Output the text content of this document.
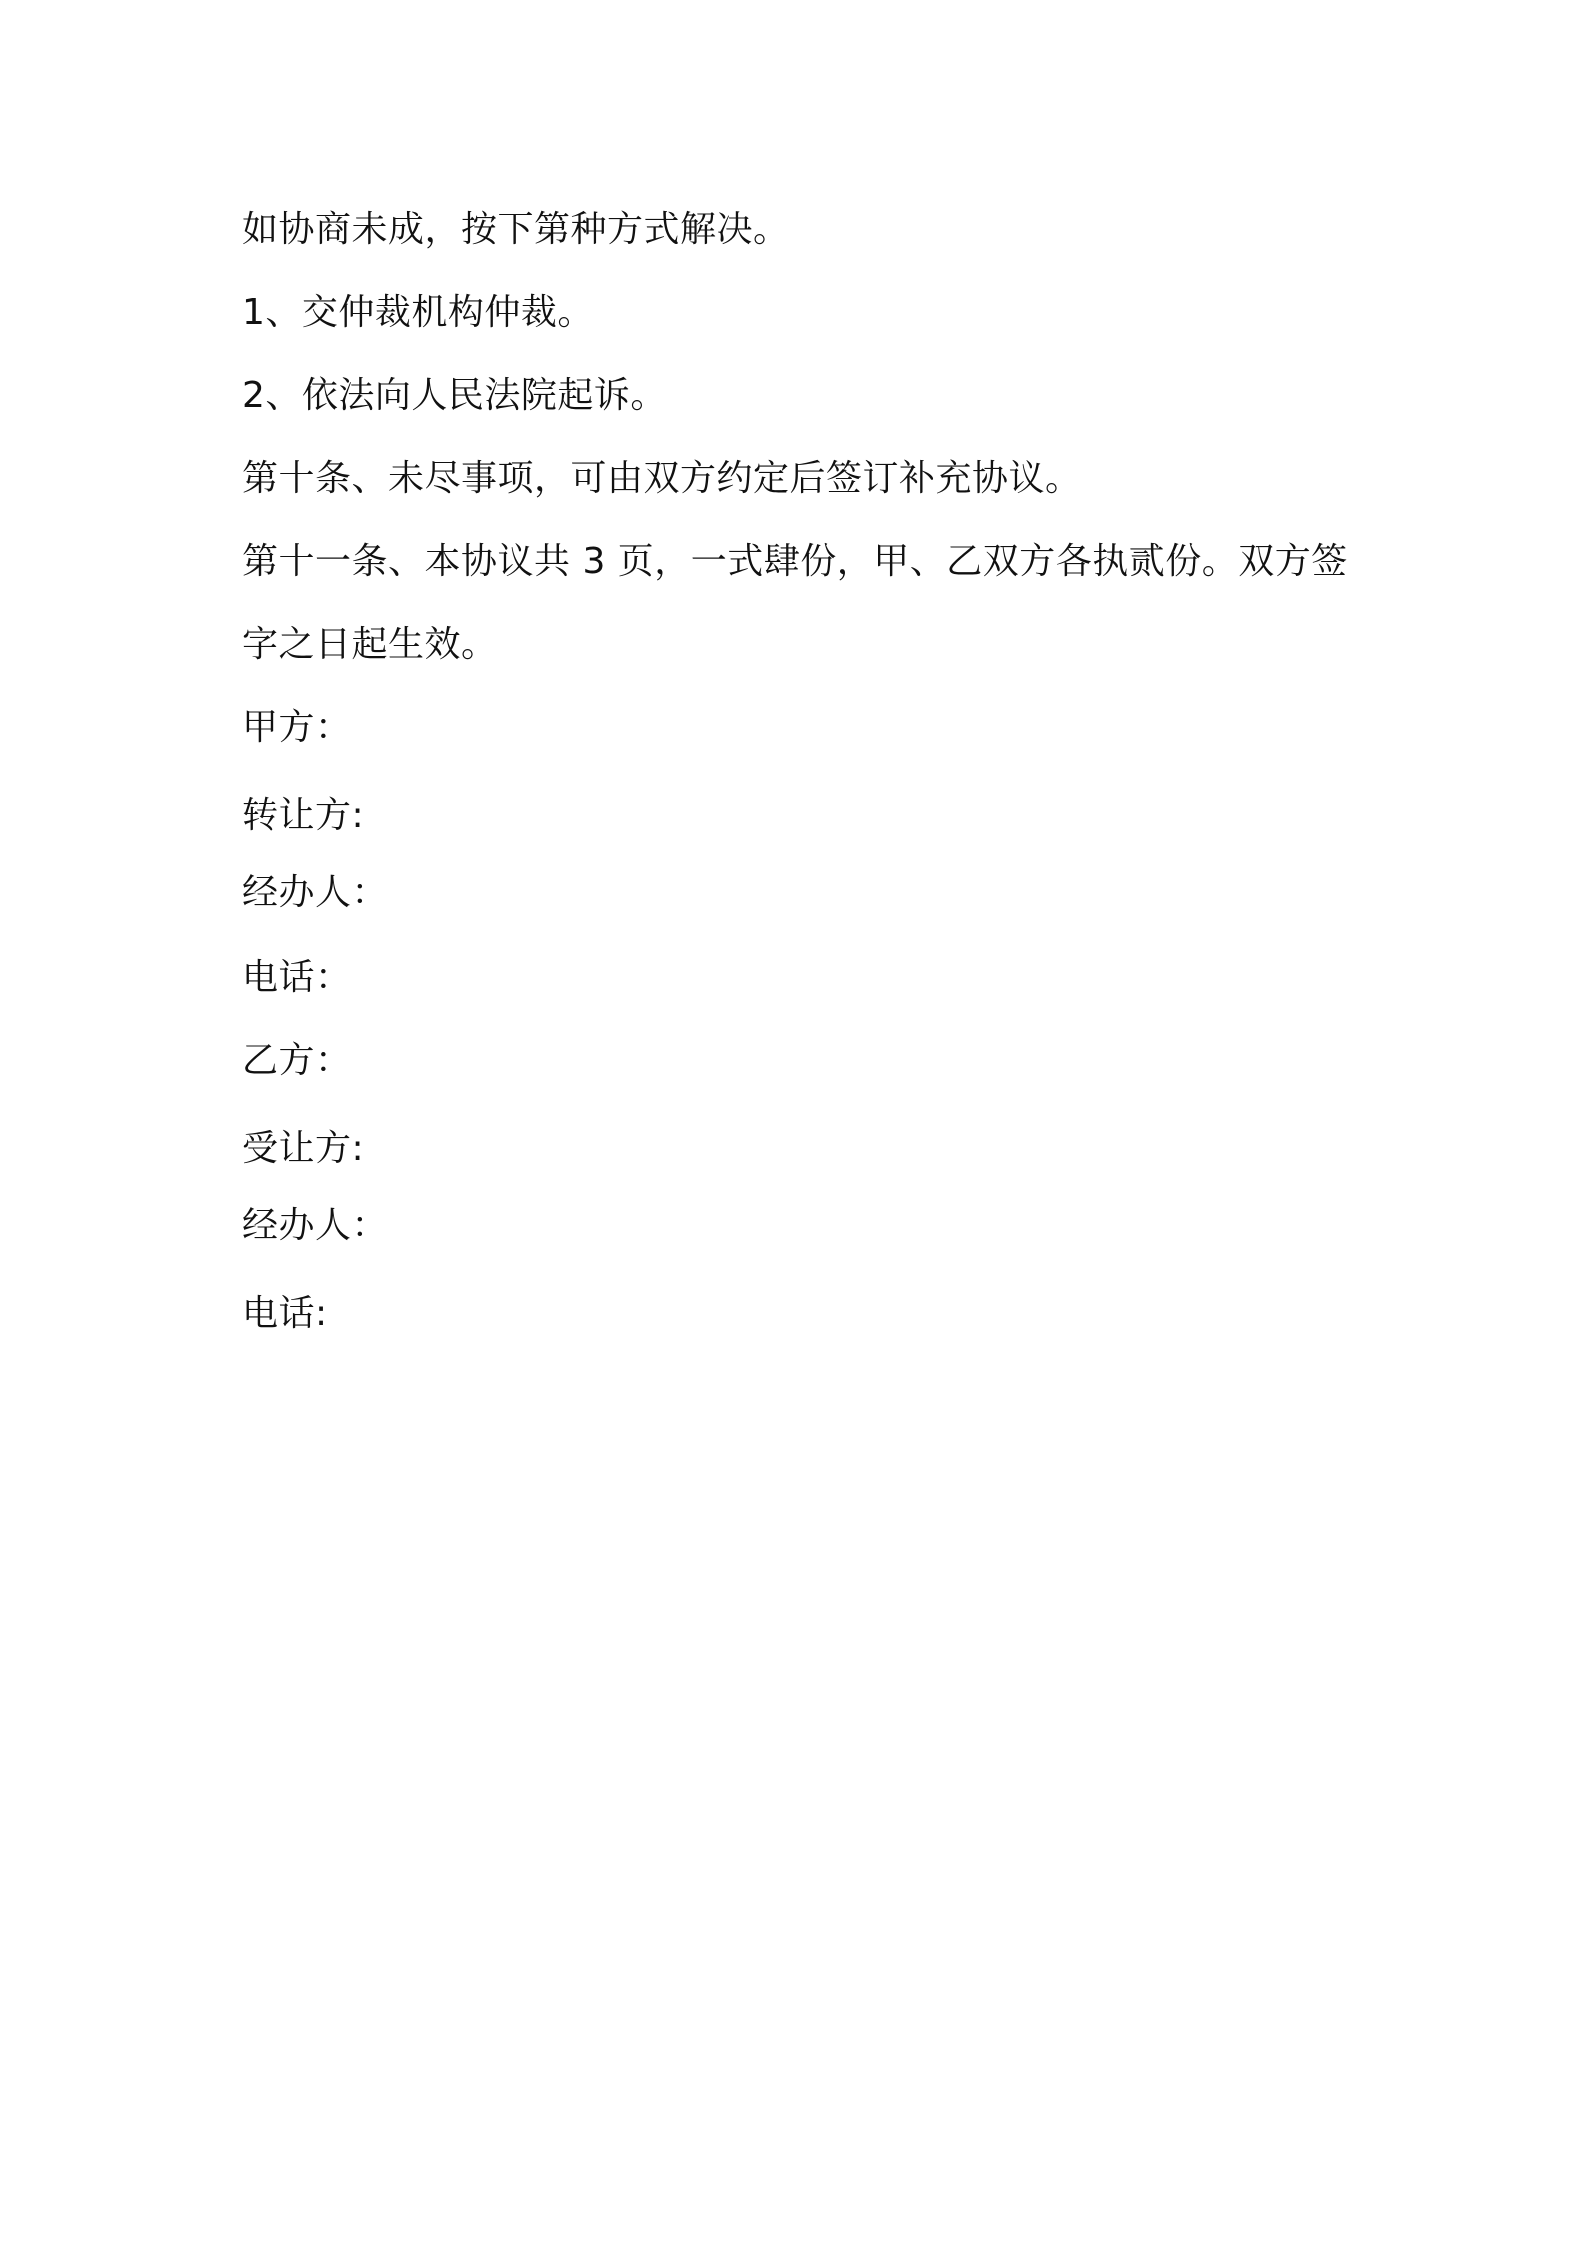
如协商未成，按下第种方式解决。
1、交仲裁机构仲裁。
2、依法向人民法院起诉。
第十条、未尽事项，可由双方约定后签订补充协议。
第十一条、本协议共 3 页，一式肆份，甲、乙双方各执贰份。双方签
字之日起生效。
甲方：
转让方:
经办人：
电话：
乙方：
受让方:
经办人：
电话:
